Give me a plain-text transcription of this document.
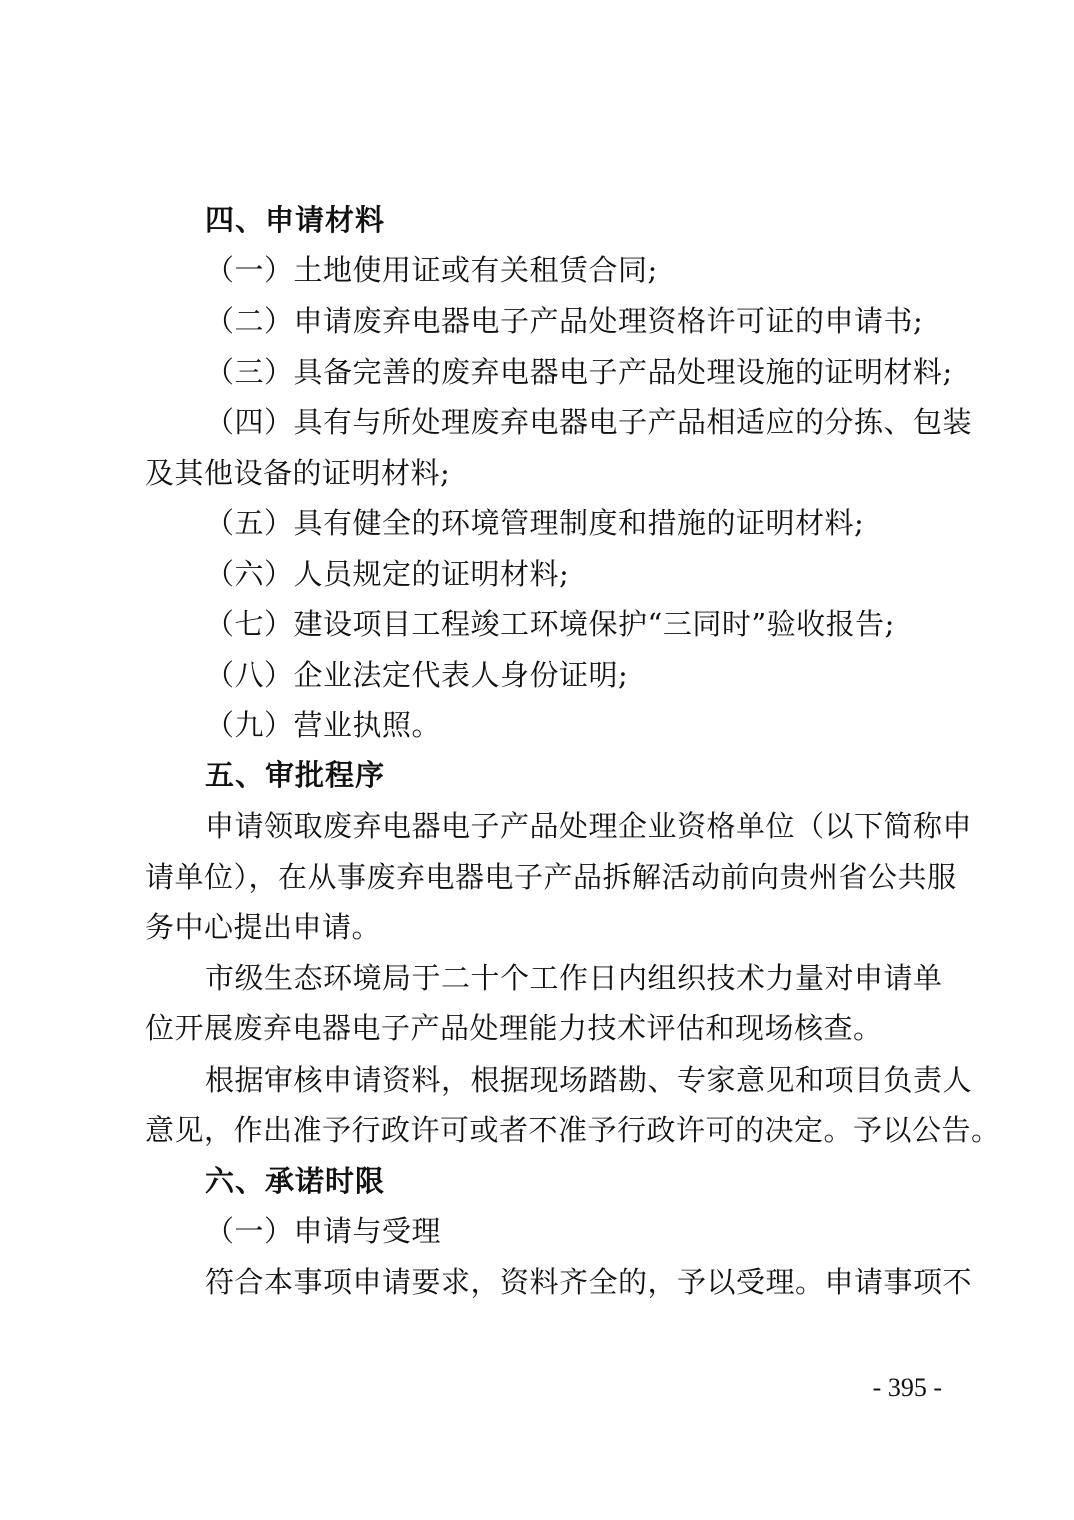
四、申请材料
（一）土地使用证或有关租赁合同;
（二）申请废弃电器电子产品处理资格许可证的申请书;
（三）具备完善的废弃电器电子产品处理设施的证明材料;
（四）具有与所处理废弃电器电子产品相适应的分拣、包装
及其他设备的证明材料;
（五）具有健全的环境管理制度和措施的证明材料;
（六）人员规定的证明材料;
（七）建设项目工程竣工环境保护“三同时”验收报告;
（八）企业法定代表人身份证明;
（九）营业执照。
五、审批程序
申请领取废弃电器电子产品处理企业资格单位（以下简称申
请单位），在从事废弃电器电子产品拆解活动前向贵州省公共服
务中心提出申请。
市级生态环境局于二十个工作日内组织技术力量对申请单
位开展废弃电器电子产品处理能力技术评估和现场核查。
根据审核申请资料，根据现场踏勘、专家意见和项目负责人
意见，作出准予行政许可或者不准予行政许可的决定。予以公告。
六、承诺时限
（一）申请与受理
符合本事项申请要求，资料齐全的，予以受理。申请事项不
- 395 -
